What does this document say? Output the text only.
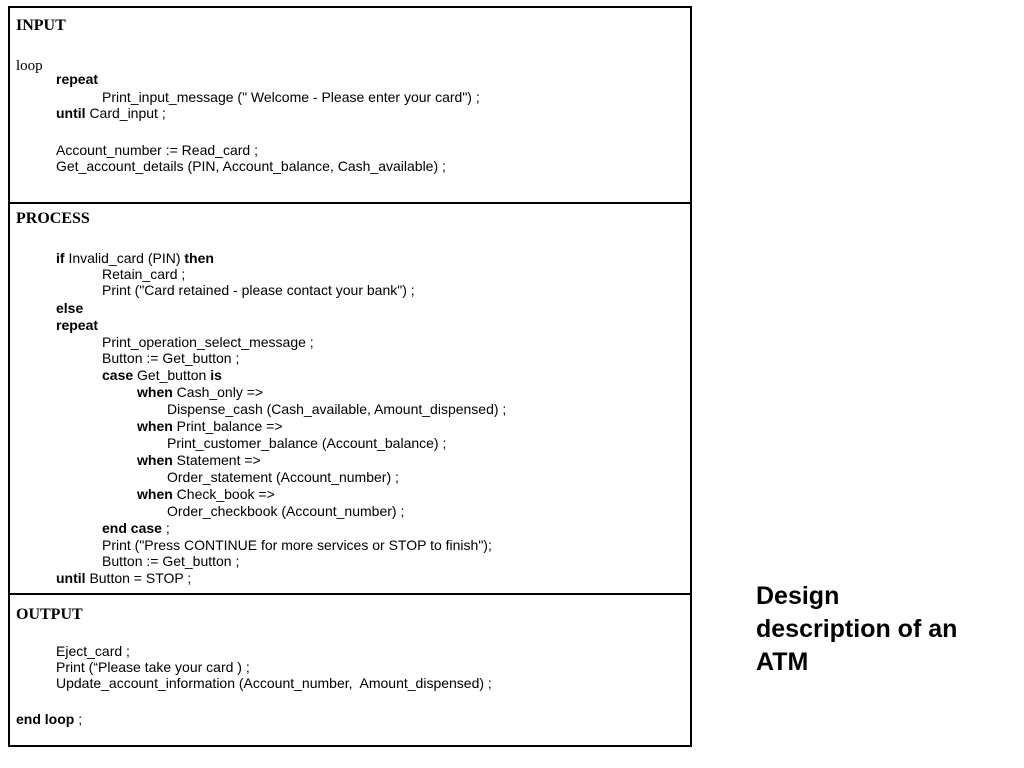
INPUT
loop
repeat
Print_input_message (" Welcome - Please enter your card") ;
until Card_input ;
Account_number := Read_card ;
Get_account_details (PIN, Account_balance, Cash_available) ;
PROCESS
if Invalid_card (PIN) then
Retain_card ;
Print ("Card retained - please contact your bank") ;
else
repeat
Print_operation_select_message ;
Button := Get_button ;
case Get_button is
when Cash_only =>
Dispense_cash (Cash_available, Amount_dispensed) ;
when Print_balance =>
Print_customer_balance (Account_balance) ;
when Statement =>
Order_statement (Account_number) ;
when Check_book =>
Order_checkbook (Account_number) ;
end case ;
Print ("Press CONTINUE for more services or STOP to finish");
Button := Get_button ;
until Button = STOP ;
OUTPUT
Eject_card ;
Print (“Please take your card ) ;
Update_account_information (Account_number,  Amount_dispensed) ;
end loop ;
Design
description of an
ATM
